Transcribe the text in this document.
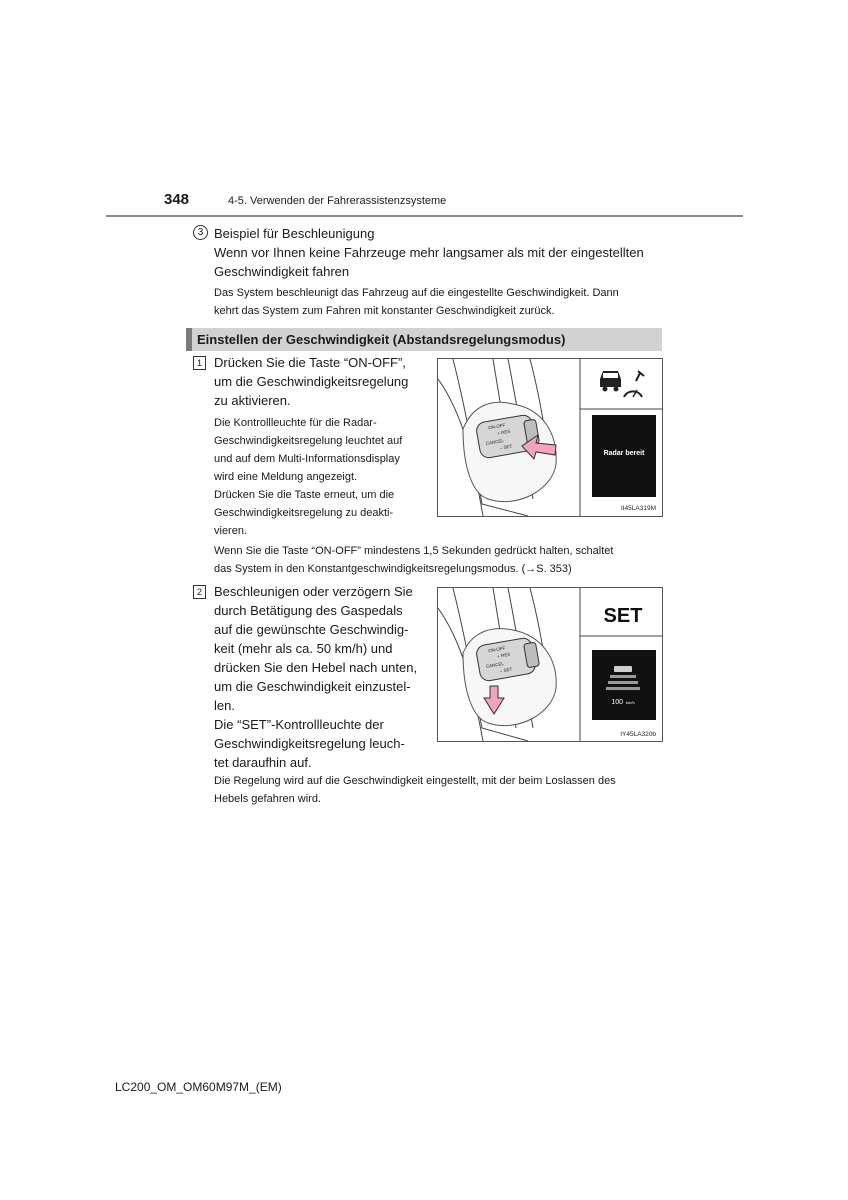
348	4-5. Verwenden der Fahrerassistenzsysteme
3 Beispiel für Beschleunigung
Wenn vor Ihnen keine Fahrzeuge mehr langsamer als mit der eingestellten
Geschwindigkeit fahren
Das System beschleunigt das Fahrzeug auf die eingestellte Geschwindigkeit. Dann
kehrt das System zum Fahren mit konstanter Geschwindigkeit zurück.
Einstellen der Geschwindigkeit (Abstandsregelungsmodus)
1 Drücken Sie die Taste “ON-OFF”,
um die Geschwindigkeitsregelung
zu aktivieren.
Die Kontrollleuchte für die Radar-
Geschwindigkeitsregelung leuchtet auf
und auf dem Multi-Informationsdisplay
wird eine Meldung angezeigt.
Drücken Sie die Taste erneut, um die
Geschwindigkeitsregelung zu deakti-
vieren.
ON-OFF
+ RES
CANCEL
– SET
Radar bereit
II45LA319M
Wenn Sie die Taste “ON-OFF” mindestens 1,5 Sekunden gedrückt halten, schaltet
das System in den Konstantgeschwindigkeitsregelungsmodus. (→S. 353)
2 Beschleunigen oder verzögern Sie
durch Betätigung des Gaspedals
auf die gewünschte Geschwindig-
keit (mehr als ca. 50 km/h) und
drücken Sie den Hebel nach unten,
um die Geschwindigkeit einzustel-
len.
Die “SET”-Kontrollleuchte der
Geschwindigkeitsregelung leuch-
tet daraufhin auf.
ON-OFF
+ RES
CANCEL
– SET
SET
100 km/h
IY45LA320b
Die Regelung wird auf die Geschwindigkeit eingestellt, mit der beim Loslassen des
Hebels gefahren wird.
LC200_OM_OM60M97M_(EM)
